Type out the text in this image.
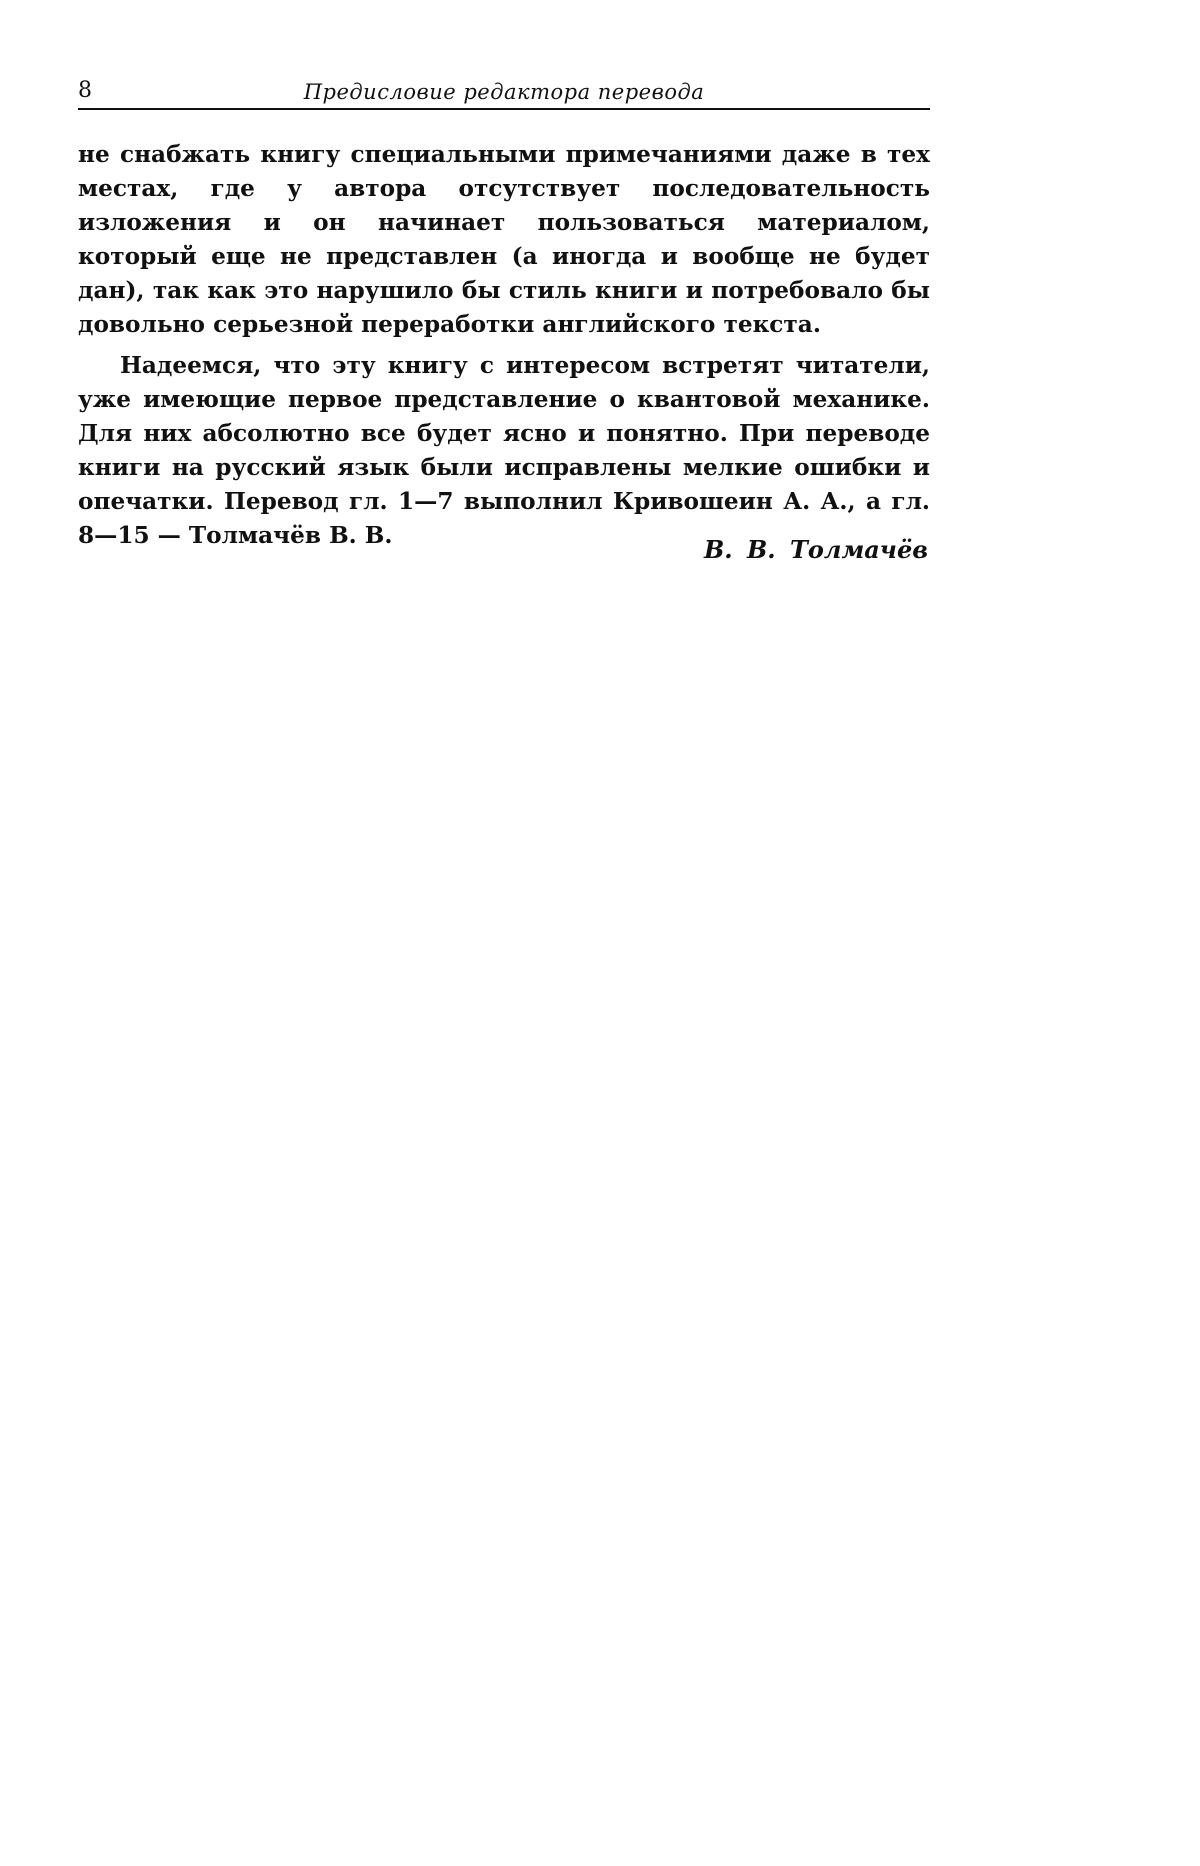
8	Предисловие редактора перевода

не снабжать книгу специальными примечаниями даже в тех местах, где у автора отсутствует последовательность изложения и он начинает пользоваться материалом, который еще не представлен (а иногда и вообще не будет дан), так как это нарушило бы стиль книги и потребовало бы довольно серьезной переработки английского текста.

Надеемся, что эту книгу с интересом встретят читатели, уже имеющие первое представление о квантовой механике. Для них абсолютно все будет ясно и понятно. При переводе книги на русский язык были исправлены мелкие ошибки и опечатки. Перевод гл. 1—7 выполнил Кривошеин А. А., а гл. 8—15 — Толмачёв В. В.	В. В. Толмачёв
